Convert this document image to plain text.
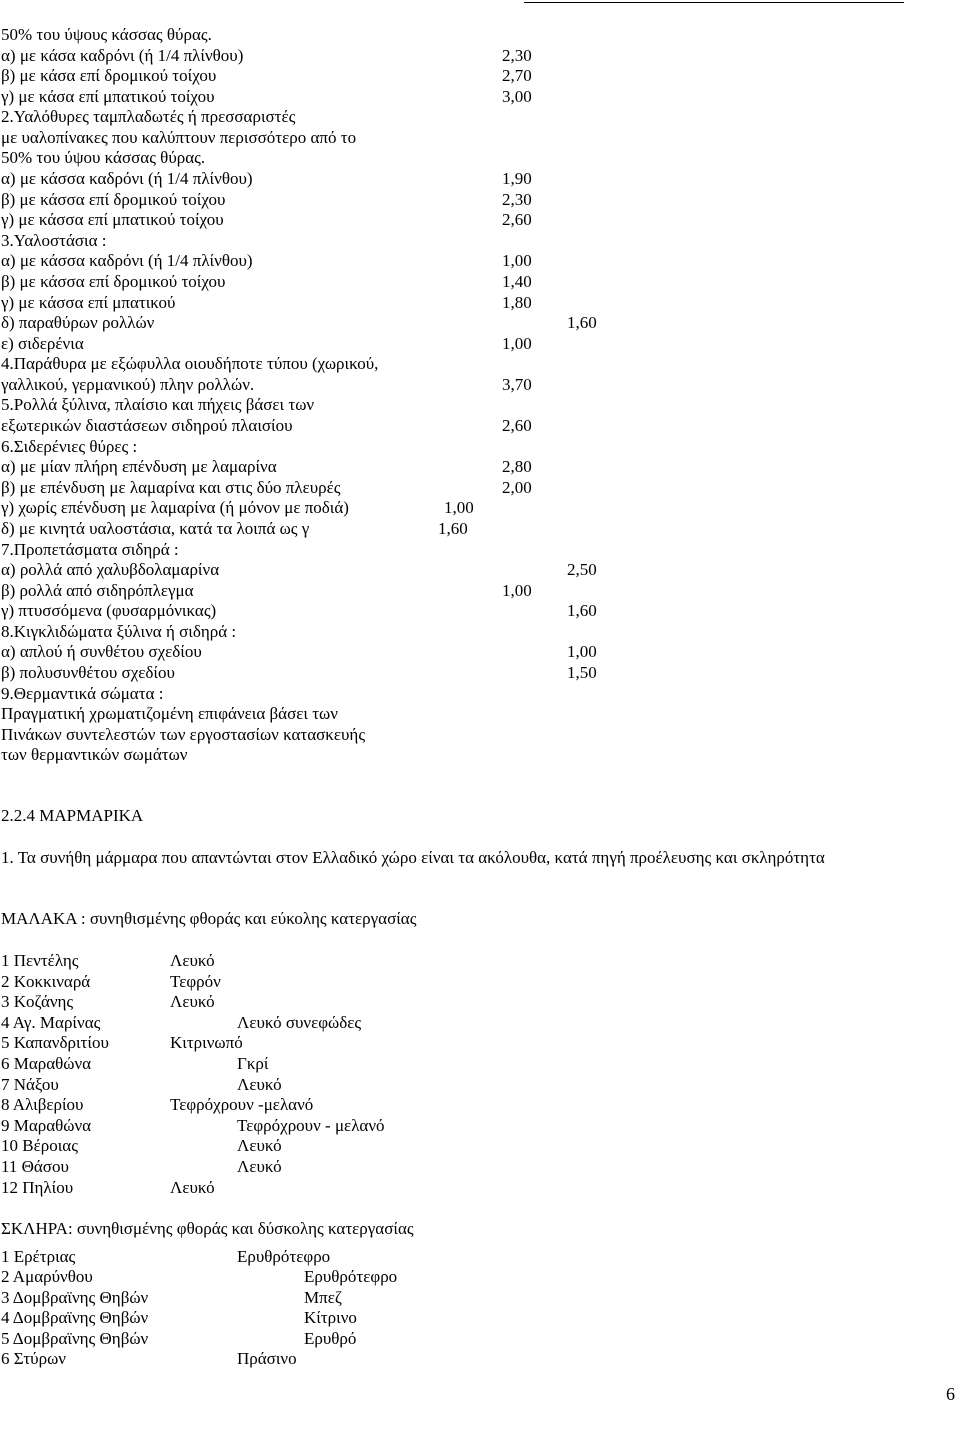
50% του ύψους κάσσας θύρας.
α) με κάσα καδρόνι (ή 1/4 πλίνθου)	2,30
β) με κάσα επί δρομικού τοίχου	2,70
γ) με κάσα επί μπατικού τοίχου	3,00
2.Υαλόθυρες ταμπλαδωτές ή πρεσσαριστές
με υαλοπίνακες που καλύπτουν περισσότερο από το
50% του ύψου κάσσας θύρας.
α) με κάσσα καδρόνι (ή 1/4 πλίνθου)	1,90
β) με κάσσα επί δρομικού τοίχου	2,30
γ) με κάσσα επί μπατικού τοίχου	2,60
3.Υαλοστάσια :
α) με κάσσα καδρόνι (ή 1/4 πλίνθου)	1,00
β) με κάσσα επί δρομικού τοίχου	1,40
γ) με κάσσα επί μπατικού	1,80
δ) παραθύρων ρολλών	1,60
ε) σιδερένια	1,00
4.Παράθυρα με εξώφυλλα οιουδήποτε τύπου (χωρικού,
γαλλικού, γερμανικού) πλην ρολλών.	3,70
5.Ρολλά ξύλινα, πλαίσιο και πήχεις βάσει των
εξωτερικών διαστάσεων σιδηρού πλαισίου	2,60
6.Σιδερένιες θύρες :
α) με μίαν πλήρη επένδυση με λαμαρίνα	2,80
β) με επένδυση με λαμαρίνα και στις δύο πλευρές	2,00
γ) χωρίς επένδυση με λαμαρίνα (ή μόνον με ποδιά)	1,00
δ) με κινητά υαλοστάσια, κατά τα λοιπά ως γ	1,60
7.Προπετάσματα σιδηρά :
α) ρολλά από χαλυβδολαμαρίνα	2,50
β) ρολλά από σιδηρόπλεγμα	1,00
γ) πτυσσόμενα (φυσαρμόνικας)	1,60
8.Κιγκλιδώματα ξύλινα ή σιδηρά :
α) απλού ή συνθέτου σχεδίου	1,00
β) πολυσυνθέτου σχεδίου	1,50
9.Θερμαντικά σώματα :
Πραγματική χρωματιζομένη επιφάνεια βάσει των
Πινάκων συντελεστών των εργοστασίων κατασκευής
των θερμαντικών σωμάτων
2.2.4 ΜΑΡΜΑΡΙΚΑ
1. Τα συνήθη μάρμαρα που απαντώνται στον Ελλαδικό χώρο είναι τα ακόλουθα, κατά πηγή προέλευσης και σκληρότητα
ΜΑΛΑΚΑ : συνηθισμένης φθοράς και εύκολης κατεργασίας
1 Πεντέλης	Λευκό
2 Κοκκιναρά	Τεφρόν
3 Κοζάνης	Λευκό
4 Αγ. Μαρίνας	Λευκό συνεφώδες
5 Καπανδριτίου	Κιτρινωπό
6 Μαραθώνα	Γκρί
7 Νάξου	Λευκό
8 Αλιβερίου	Τεφρόχρουν -μελανό
9 Μαραθώνα	Τεφρόχρουν - μελανό
10 Βέροιας	Λευκό
11 Θάσου	Λευκό
12 Πηλίου	Λευκό
ΣΚΛΗΡΑ: συνηθισμένης φθοράς και δύσκολης κατεργασίας
1 Ερέτριας	Ερυθρότεφρο
2 Αμαρύνθου	Ερυθρότεφρο
3 Δομβραϊνης Θηβών	Μπεζ
4 Δομβραϊνης Θηβών	Κίτρινο
5 Δομβραϊνης Θηβών	Ερυθρό
6 Στύρων	Πράσινο
6
